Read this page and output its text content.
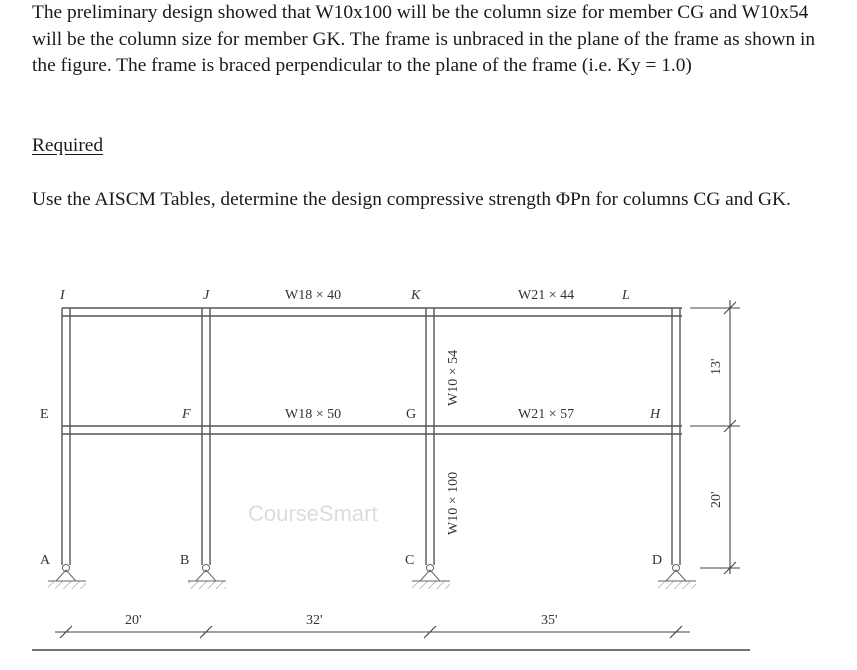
The preliminary design showed that W10x100 will be the column size for member CG and W10x54 will be the column size for member GK. The frame is unbraced in the plane of the frame as shown in the figure. The frame is braced perpendicular to the plane of the frame (i.e. Ky = 1.0)

Required

Use the AISCM Tables, determine the design compressive strength ΦPn for columns CG and GK.

CourseSmart
I	J	K	L
E	F	G	H
A	B	C	D
W18 × 40	W21 × 44
W18 × 50	W21 × 57
W10 × 54
W10 × 100
20'	32'	35'
13'
20'
